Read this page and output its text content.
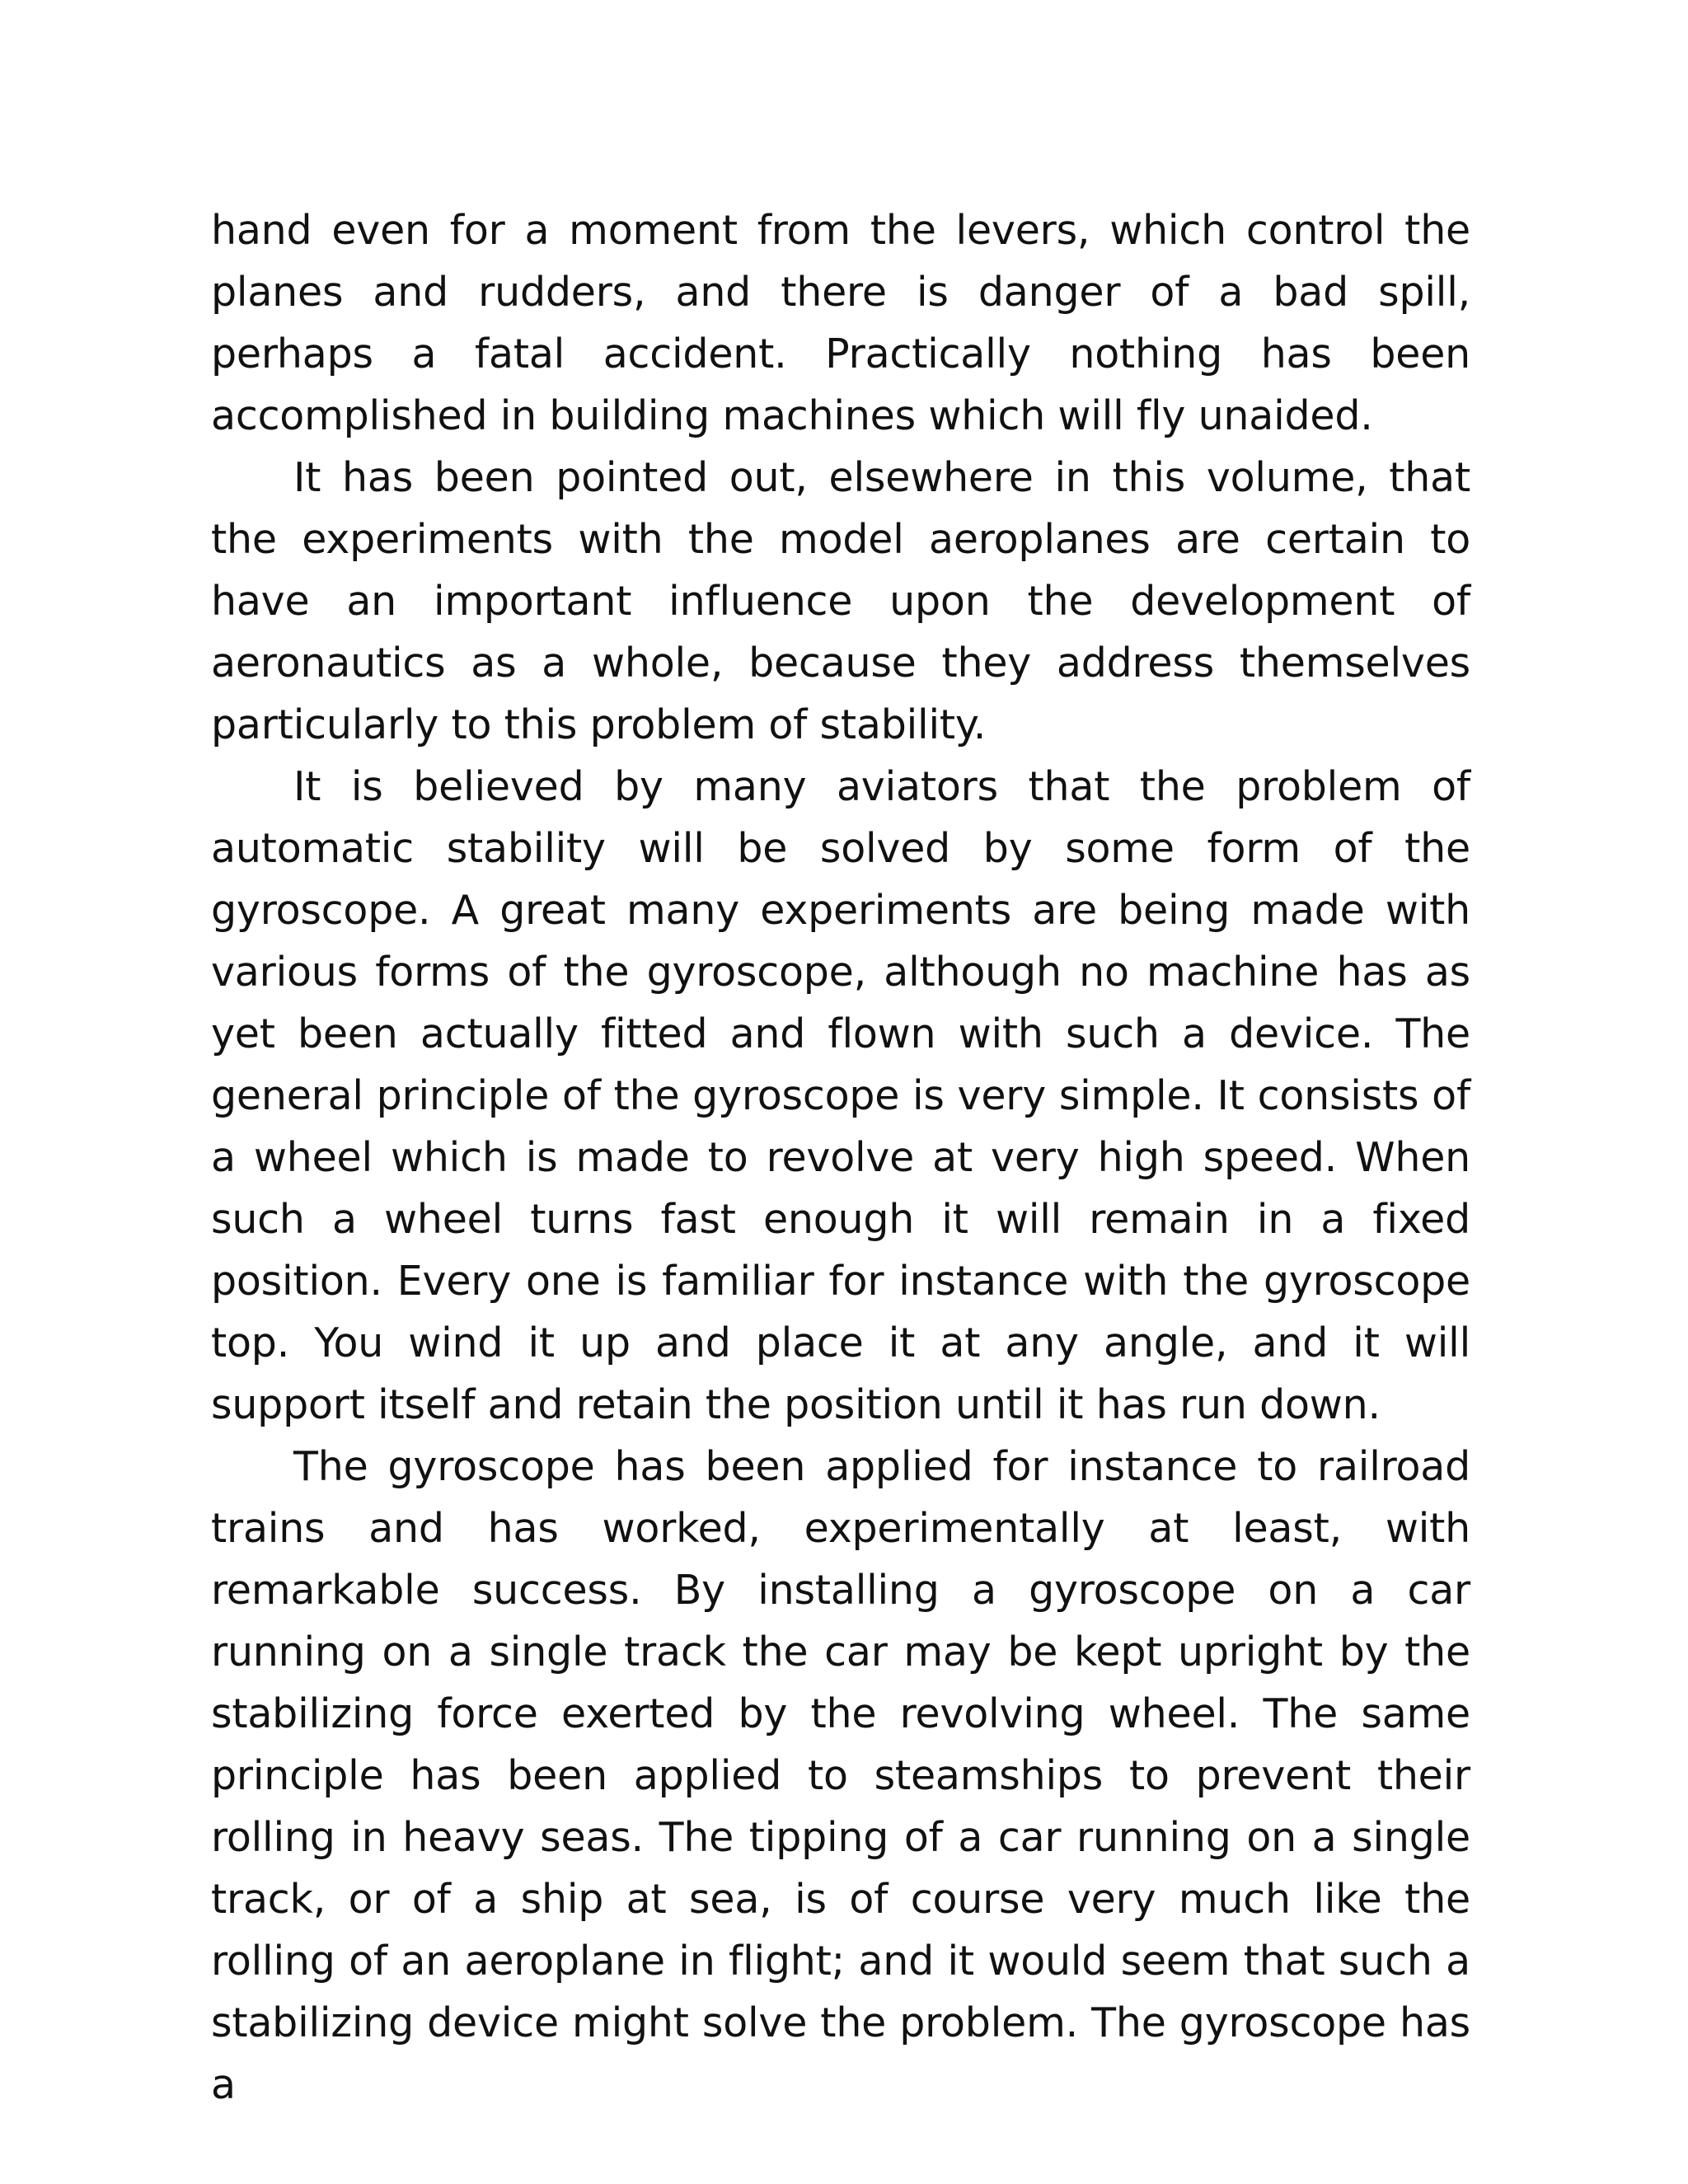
hand even for a moment from the levers, which control the planes and rudders, and there is danger of a bad spill, perhaps a fatal accident. Practically nothing has been accomplished in building machines which will fly unaided.

It has been pointed out, elsewhere in this volume, that the experiments with the model aeroplanes are certain to have an important influence upon the development of aeronautics as a whole, because they address themselves particularly to this problem of stability.

It is believed by many aviators that the problem of automatic stability will be solved by some form of the gyroscope. A great many experiments are being made with various forms of the gyroscope, although no machine has as yet been actually fitted and flown with such a device. The general principle of the gyroscope is very simple. It consists of a wheel which is made to revolve at very high speed. When such a wheel turns fast enough it will remain in a fixed position. Every one is familiar for instance with the gyroscope top. You wind it up and place it at any angle, and it will support itself and retain the position until it has run down.

The gyroscope has been applied for instance to railroad trains and has worked, experimentally at least, with remarkable success. By installing a gyroscope on a car running on a single track the car may be kept upright by the stabilizing force exerted by the revolving wheel. The same principle has been applied to steamships to prevent their rolling in heavy seas. The tipping of a car running on a single track, or of a ship at sea, is of course very much like the rolling of an aeroplane in flight; and it would seem that such a stabilizing device might solve the problem. The gyroscope has a
